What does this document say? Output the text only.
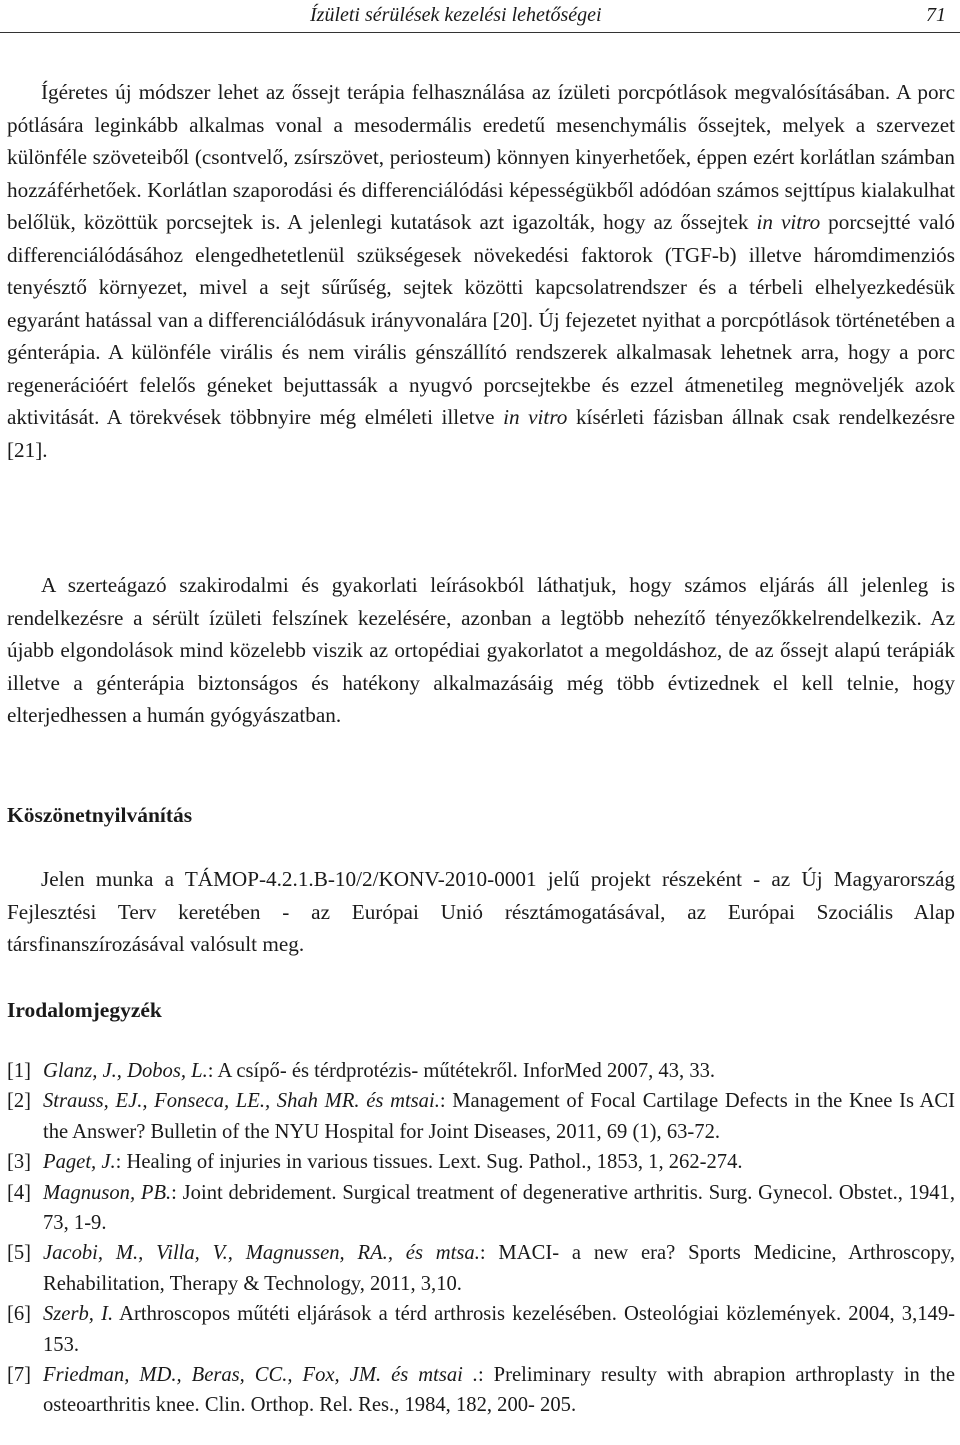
Ízületi sérülések kezelési lehetőségei	71

Ígéretes új módszer lehet az őssejt terápia felhasználása az ízületi porcpótlások megvalósításában. A porc pótlására leginkább alkalmas vonal a mesodermális eredetű mesenchymális őssejtek, melyek a szervezet különféle szöveteiből (csontvelő, zsírszövet, periosteum) könnyen kinyerhetőek, éppen ezért korlátlan számban hozzáférhetőek. Korlátlan szaporodási és differenciálódási képességükből adódóan számos sejttípus kialakulhat belőlük, közöttük porcsejtek is. A jelenlegi kutatások azt igazolták, hogy az őssejtek in vitro porcsejtté való differenciálódásához elengedhetetlenül szükségesek növekedési faktorok (TGF-b) illetve háromdimenziós tenyésztő környezet, mivel a sejt sűrűség, sejtek közötti kapcsolatrendszer és a térbeli elhelyezkedésük egyaránt hatással van a differenciálódásuk irányvonalára [20]. Új fejezetet nyithat a porcpótlások történetében a génterápia. A különféle virális és nem virális génszállító rendszerek alkalmasak lehetnek arra, hogy a porc regenerációért felelős géneket bejuttassák a nyugvó porcsejtekbe és ezzel átmenetileg megnöveljék azok aktivitását. A törekvések többnyire még elméleti illetve in vitro kísérleti fázisban állnak csak rendelkezésre [21].

A szerteágazó szakirodalmi és gyakorlati leírásokból láthatjuk, hogy számos eljárás áll jelenleg is rendelkezésre a sérült ízületi felszínek kezelésére, azonban a legtöbb nehezítő tényezőkkelrendelkezik. Az újabb elgondolások mind közelebb viszik az ortopédiai gyakorlatot a megoldáshoz, de az őssejt alapú terápiák illetve a génterápia biztonságos és hatékony alkalmazásáig még több évtizednek el kell telnie, hogy elterjedhessen a humán gyógyászatban.

Köszönetnyilvánítás

Jelen munka a TÁMOP-4.2.1.B-10/2/KONV-2010-0001 jelű projekt részeként - az Új Magyarország Fejlesztési Terv keretében - az Európai Unió résztámogatásával, az Európai Szociális Alap társfinanszírozásával valósult meg.

Irodalomjegyzék
[1] Glanz, J., Dobos, L.: A csípő- és térdprotézis- műtétekről. InforMed 2007, 43, 33.
[2] Strauss, EJ., Fonseca, LE., Shah MR. és mtsai.: Management of Focal Cartilage Defects in the Knee Is ACI the Answer? Bulletin of the NYU Hospital for Joint Diseases, 2011, 69 (1), 63-72.
[3] Paget, J.: Healing of injuries in various tissues. Lext. Sug. Pathol., 1853, 1, 262-274.
[4] Magnuson, PB.: Joint debridement. Surgical treatment of degenerative arthritis. Surg. Gynecol. Obstet., 1941, 73, 1-9.
[5] Jacobi, M., Villa, V., Magnussen, RA., és mtsa.: MACI- a new era? Sports Medicine, Arthroscopy, Rehabilitation, Therapy & Technology, 2011, 3,10.
[6] Szerb, I. Arthroscopos műtéti eljárások a térd arthrosis kezelésében. Osteológiai közlemények. 2004, 3,149-153.
[7] Friedman, MD., Beras, CC., Fox, JM. és mtsai .: Preliminary resulty with abrapion arthroplasty in the osteoarthritis knee. Clin. Orthop. Rel. Res., 1984, 182, 200- 205.
